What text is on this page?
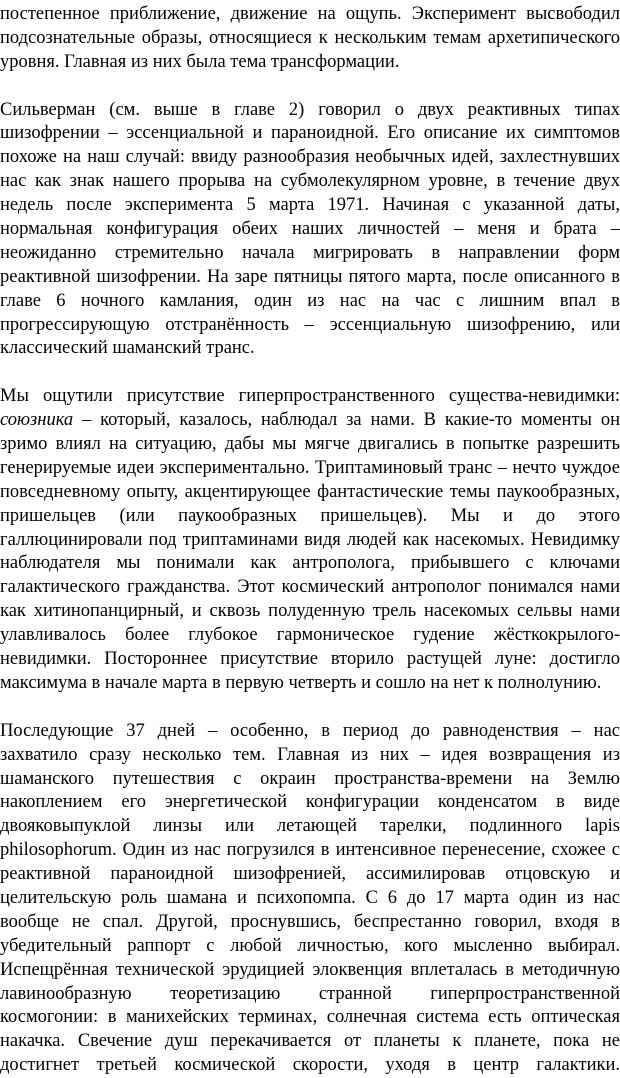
постепенное приближение, движение на ощупь. Эксперимент высвободил
подсознательные образы, относящиеся к нескольким темам архетипического
уровня. Главная из них была тема трансформации.
Сильверман (см. выше в главе 2) говорил о двух реактивных типах
шизофрении – эссенциальной и параноидной. Его описание их симптомов
похоже на наш случай: ввиду разнообразия необычных идей, захлестнувших
нас как знак нашего прорыва на субмолекулярном уровне, в течение двух
недель после эксперимента 5 марта 1971. Начиная с указанной даты,
нормальная конфигурация обеих наших личностей – меня и брата –
неожиданно стремительно начала мигрировать в направлении форм
реактивной шизофрении. На заре пятницы пятого марта, после описанного в
главе 6 ночного камлания, один из нас на час с лишним впал в
прогрессирующую отстранённость – эссенциальную шизофрению, или
классический шаманский транс.
Мы ощутили присутствие гиперпространственного существа-невидимки:
союзника – который, казалось, наблюдал за нами. В какие-то моменты он
зримо влиял на ситуацию, дабы мы мягче двигались в попытке разрешить
генерируемые идеи экспериментально. Триптаминовый транс – нечто чуждое
повседневному опыту, акцентирующее фантастические темы паукообразных,
пришельцев (или паукообразных пришельцев). Мы и до этого
галлюцинировали под триптаминами видя людей как насекомых. Невидимку
наблюдателя мы понимали как антрополога, прибывшего с ключами
галактического гражданства. Этот космический антрополог понимался нами
как хитинопанцирный, и сквозь полуденную трель насекомых сельвы нами
улавливалось более глубокое гармоническое гудение жёсткокрылого-
невидимки. Постороннее присутствие вторило растущей луне: достигло
максимума в начале марта в первую четверть и сошло на нет к полнолунию.
Последующие 37 дней – особенно, в период до равноденствия – нас
захватило сразу несколько тем. Главная из них – идея возвращения из
шаманского путешествия с окраин пространства-времени на Землю
накоплением его энергетической конфигурации конденсатом в виде
двояковыпуклой линзы или летающей тарелки, подлинного lapis
philosophorum. Один из нас погрузился в интенсивное перенесение, схожее с
реактивной параноидной шизофренией, ассимилировав отцовскую и
целительскую роль шамана и психопомпа. С 6 до 17 марта один из нас
вообще не спал. Другой, проснувшись, беспрестанно говорил, входя в
убедительный раппорт с любой личностью, кого мысленно выбирал.
Испещрённая технической эрудицией элоквенция вплеталась в методичную
лавинообразную теоретизацию странной гиперпространственной
космогонии: в манихейских терминах, солнечная система есть оптическая
накачка. Свечение душ перекачивается от планеты к планете, пока не
достигнет третьей космической скорости, уходя в центр галактики.
